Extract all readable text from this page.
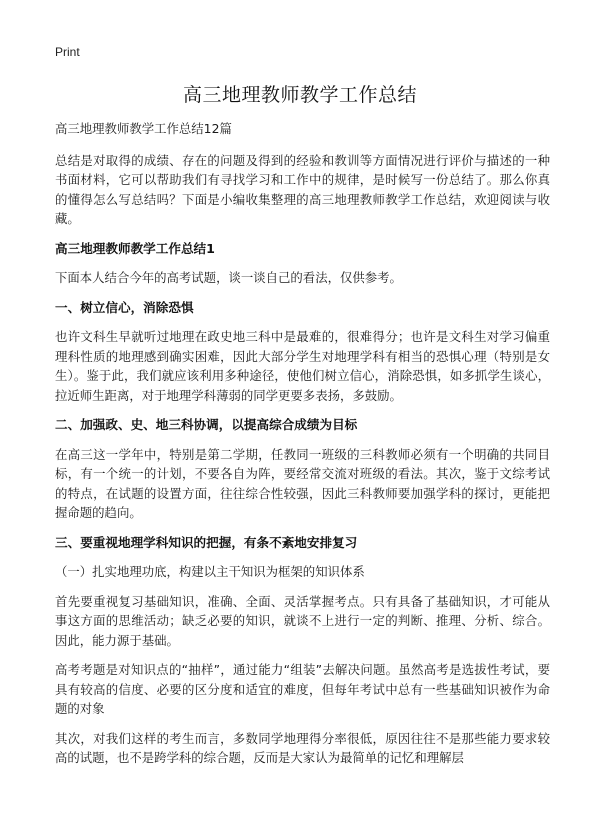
Print
高三地理教师教学工作总结

高三地理教师教学工作总结12篇

总结是对取得的成绩、存在的问题及得到的经验和教训等方面情况进行评价与描述的一种书面材料，它可以帮助我们有寻找学习和工作中的规律，是时候写一份总结了。那么你真的懂得怎么写总结吗？下面是小编收集整理的高三地理教师教学工作总结，欢迎阅读与收藏。

高三地理教师教学工作总结1

下面本人结合今年的高考试题，谈一谈自己的看法，仅供参考。

一、树立信心，消除恐惧

也许文科生早就听过地理在政史地三科中是最难的，很难得分；也许是文科生对学习偏重理科性质的地理感到确实困难，因此大部分学生对地理学科有相当的恐惧心理（特别是女生）。鉴于此，我们就应该利用多种途径，使他们树立信心，消除恐惧，如多抓学生谈心，拉近师生距离，对于地理学科薄弱的同学更要多表扬，多鼓励。

二、加强政、史、地三科协调，以提高综合成绩为目标

在高三这一学年中，特别是第二学期，任教同一班级的三科教师必须有一个明确的共同目标，有一个统一的计划，不要各自为阵，要经常交流对班级的看法。其次，鉴于文综考试的特点，在试题的设置方面，往往综合性较强，因此三科教师要加强学科的探讨，更能把握命题的趋向。

三、要重视地理学科知识的把握，有条不紊地安排复习

（一）扎实地理功底，构建以主干知识为框架的知识体系

首先要重视复习基础知识，准确、全面、灵活掌握考点。只有具备了基础知识，才可能从事这方面的思维活动；缺乏必要的知识，就谈不上进行一定的判断、推理、分析、综合。因此，能力源于基础。

高考考题是对知识点的“抽样”，通过能力“组装”去解决问题。虽然高考是选拔性考试，要具有较高的信度、必要的区分度和适宜的难度，但每年考试中总有一些基础知识被作为命题的对象

其次，对我们这样的考生而言，多数同学地理得分率很低，原因往往不是那些能力要求较高的试题，也不是跨学科的综合题，反而是大家认为最简单的记忆和理解层
